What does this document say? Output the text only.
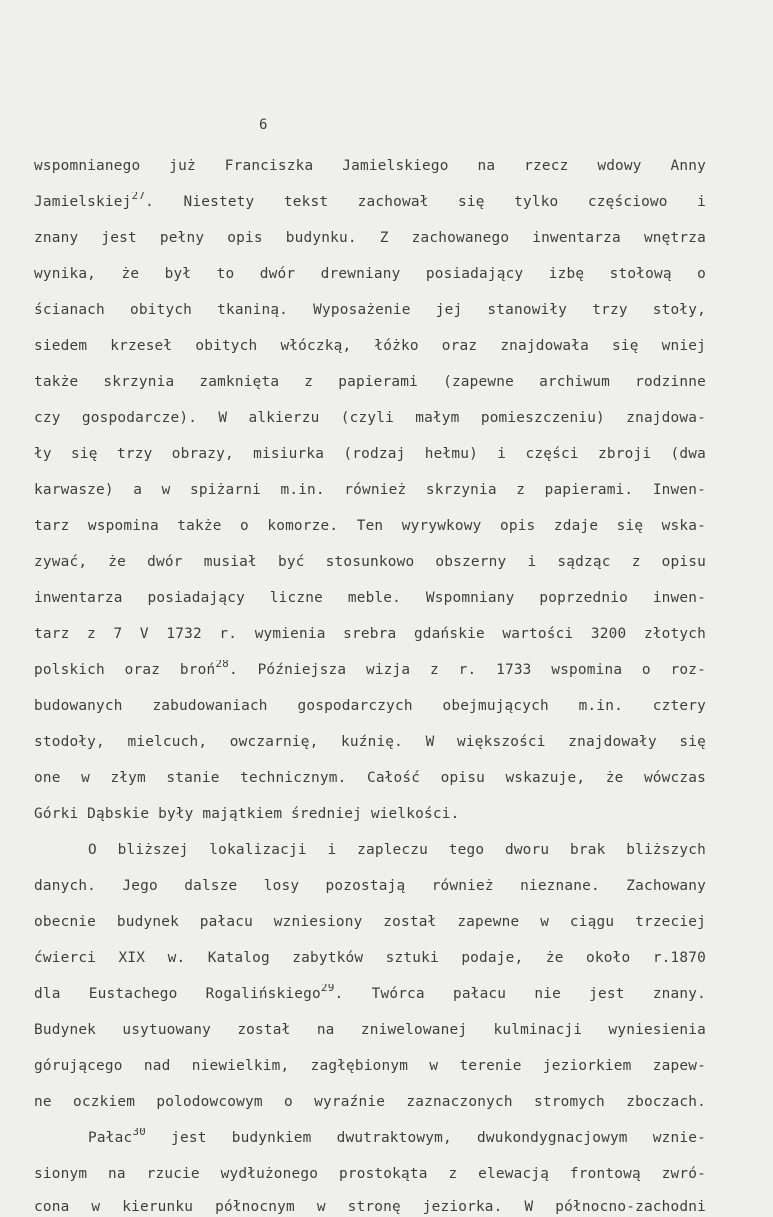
6
wspomnianego już Franciszka Jamielskiego na rzecz wdowy Anny
Jamielskiej$^{27}$. Niestety tekst zachował się tylko częściowo i
znany jest pełny opis budynku. Z zachowanego inwentarza wnętrza
wynika, że był to dwór drewniany posiadający izbę stołową o
ścianach obitych tkaniną. Wyposażenie jej stanowiły trzy stoły,
siedem krzeseł obitych włóczką, łóżko oraz znajdowała się wniej
także skrzynia zamknięta z papierami (zapewne archiwum rodzinne
czy gospodarcze). W alkierzu (czyli małym pomieszczeniu) znajdowa-
ły się trzy obrazy, misiurka (rodzaj hełmu) i części zbroji (dwa
karwasze) a w spiżarni m.in. również skrzynia z papierami. Inwen-
tarz wspomina także o komorze. Ten wyrywkowy opis zdaje się wska-
zywać, że dwór musiał być stosunkowo obszerny i sądząc z opisu
inwentarza posiadający liczne meble. Wspomniany poprzednio inwen-
tarz z 7 V 1732 r. wymienia srebra gdańskie wartości 3200 złotych
polskich oraz broń$^{28}$. Późniejsza wizja z r. 1733 wspomina o roz-
budowanych zabudowaniach gospodarczych obejmujących m.in. cztery
stodoły, mielcuch, owczarnię, kuźnię. W większości znajdowały się
one w złym stanie technicznym. Całość opisu wskazuje, że wówczas
Górki Dąbskie były majątkiem średniej wielkości.
O bliższej lokalizacji i zapleczu tego dworu brak bliższych
danych. Jego dalsze losy pozostają również nieznane. Zachowany
obecnie budynek pałacu wzniesiony został zapewne w ciągu trzeciej
ćwierci XIX w. Katalog zabytków sztuki podaje, że około r.1870
dla Eustachego Rogalińskiego$^{29}$. Twórca pałacu nie jest znany.
Budynek usytuowany został na zniwelowanej kulminacji wyniesienia
górującego nad niewielkim, zagłębionym w terenie jeziorkiem zapew-
ne oczkiem polodowcowym o wyraźnie zaznaczonych stromych zboczach.
Pałac$^{30}$ jest budynkiem dwutraktowym, dwukondygnacjowym wznie-
sionym na rzucie wydłużonego prostokąta z elewacją frontową zwró-
cona w kierunku północnym w stronę jeziorka. W północno-zachodni
